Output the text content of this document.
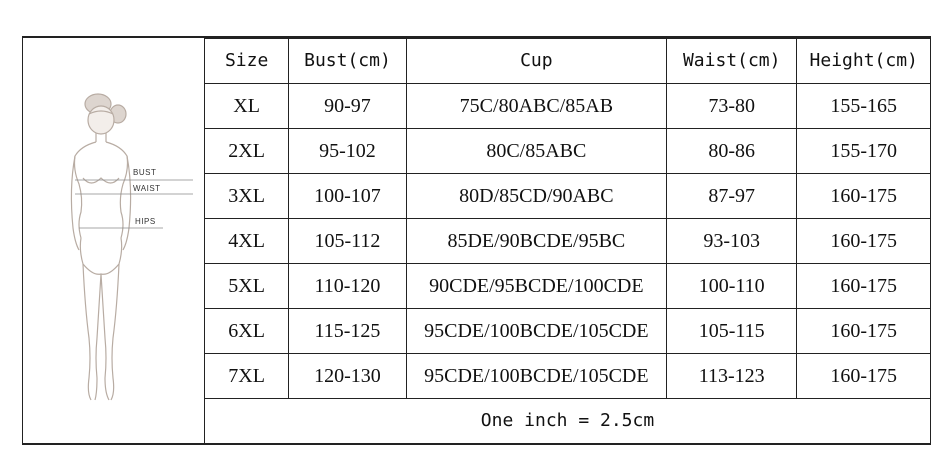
BUST
WAIST
HIPS
Size	Bust(cm)	Cup	Waist(cm)	Height(cm)
XL	90-97	75C/80ABC/85AB	73-80	155-165
2XL	95-102	80C/85ABC	80-86	155-170
3XL	100-107	80D/85CD/90ABC	87-97	160-175
4XL	105-112	85DE/90BCDE/95BC	93-103	160-175
5XL	110-120	90CDE/95BCDE/100CDE	100-110	160-175
6XL	115-125	95CDE/100BCDE/105CDE	105-115	160-175
7XL	120-130	95CDE/100BCDE/105CDE	113-123	160-175
One inch = 2.5cm				
